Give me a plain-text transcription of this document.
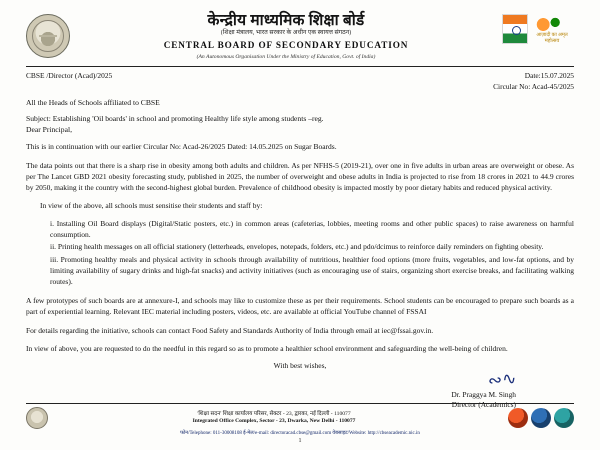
केन्द्रीय माध्यमिक शिक्षा बोर्ड
(शिक्षा मंत्रालय, भारत सरकार के अधीन एक स्वायत्त संगठन)
CENTRAL BOARD OF SECONDARY EDUCATION
(An Autonomous Organisation Under the Ministry of Education, Govt. of India)
आज़ादी का अमृत महोत्सव
CBSE /Director (Acad)/2025	Date:15.07.2025
Circular No: Acad-45/2025
All the Heads of Schools affiliated to CBSE
Subject: Establishing 'Oil boards' in school and promoting Healthy life style among students –reg.
Dear Principal,

This is in continuation with our earlier Circular No: Acad-26/2025 Dated: 14.05.2025 on Sugar Boards.

The data points out that there is a sharp rise in obesity among both adults and children. As per NFHS-5 (2019-21), over one in five adults in urban areas are overweight or obese. As per The Lancet GBD 2021 obesity forecasting study, published in 2025, the number of overweight and obese adults in India is projected to rise from 18 crores in 2021 to 44.9 crores by 2050, making it the country with the second-highest global burden. Prevalence of childhood obesity is impacted mostly by poor dietary habits and reduced physical activity.

In view of the above, all schools must sensitise their students and staff by:

i. Installing Oil Board displays (Digital/Static posters, etc.) in common areas (cafeterias, lobbies, meeting rooms and other public spaces) to raise awareness on harmful consumption.
ii. Printing health messages on all official stationery (letterheads, envelopes, notepads, folders, etc.) and pdo/dcimus to reinforce daily reminders on fighting obesity.
iii. Promoting healthy meals and physical activity in schools through availability of nutritious, healthier food options (more fruits, vegetables, and low-fat options, and by limiting availability of sugary drinks and high-fat snacks) and activity initiatives (such as encouraging use of stairs, organizing short exercise breaks, and facilitating walking routes).

A few prototypes of such boards are at annexure-I, and schools may like to customize these as per their requirements. School students can be encouraged to prepare such boards as a part of experiential learning. Relevant IEC material including posters, videos, etc. are available at official YouTube channel of FSSAI

For details regarding the initiative, schools can contact Food Safety and Standards Authority of India through email at iec@fssai.gov.in.

In view of above, you are requested to do the needful in this regard so as to promote a healthier school environment and safeguarding the well-being of children.

With best wishes,
∾∿
Dr. Praggya M. Singh
Director (Academics)
'शिक्षा सदन' शिक्षा कार्यालय परिसर, सेक्टर - 23, द्वारका, नई दिल्ली - 110077
Integrated Office Complex, Sector - 23, Dwarka, New Delhi - 110077
फोन/Telephone: 011-30008108 ई-मेल/e-mail: directoracad.cbse@gmail.com वेबसाइट/Website: http://cbseacademic.nic.in
1
